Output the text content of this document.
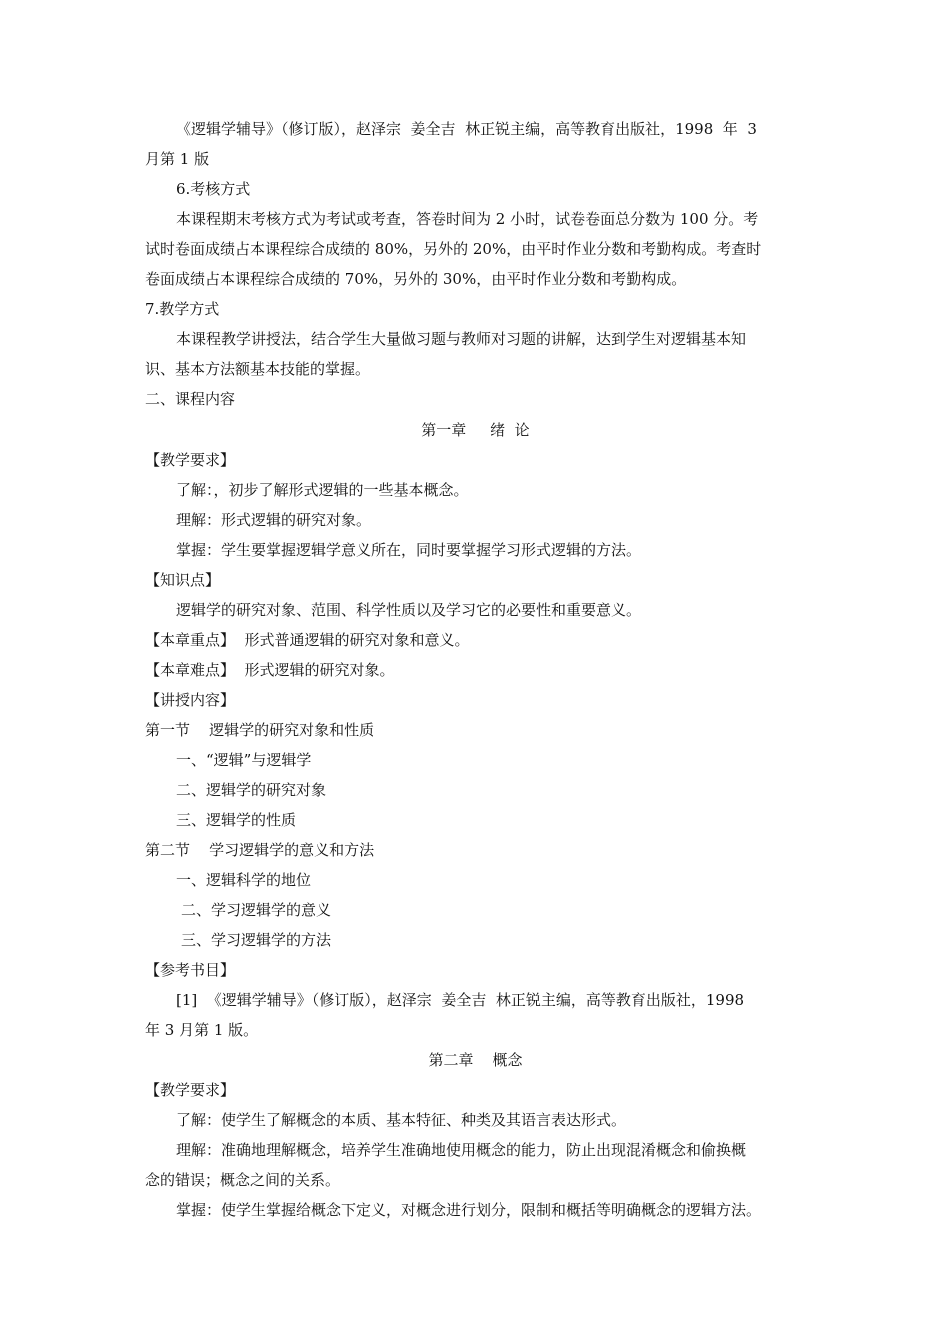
《逻辑学辅导》（修订版），赵泽宗  姜全吉  林正锐主编，高等教育出版社，1998  年  3
月第 1 版
6.考核方式
本课程期末考核方式为考试或考查，答卷时间为 2 小时，试卷卷面总分数为 100 分。考
试时卷面成绩占本课程综合成绩的 80%，另外的 20%，由平时作业分数和考勤构成。考查时
卷面成绩占本课程综合成绩的 70%，另外的 30%，由平时作业分数和考勤构成。
7.教学方式
本课程教学讲授法，结合学生大量做习题与教师对习题的讲解，达到学生对逻辑基本知
识、基本方法额基本技能的掌握。
二、课程内容
第一章     绪  论
【教学要求】
了解：，初步了解形式逻辑的一些基本概念。
理解：形式逻辑的研究对象。
掌握：学生要掌握逻辑学意义所在，同时要掌握学习形式逻辑的方法。
【知识点】
逻辑学的研究对象、范围、科学性质以及学习它的必要性和重要意义。
【本章重点】  形式普通逻辑的研究对象和意义。
【本章难点】  形式逻辑的研究对象。
【讲授内容】
第一节    逻辑学的研究对象和性质
一、“逻辑”与逻辑学
二、逻辑学的研究对象
三、逻辑学的性质
第二节    学习逻辑学的意义和方法
一、逻辑科学的地位
二、学习逻辑学的意义
三、学习逻辑学的方法
【参考书目】
[1]  《逻辑学辅导》（修订版），赵泽宗  姜全吉  林正锐主编，高等教育出版社，1998
年 3 月第 1 版。
第二章    概念
【教学要求】
了解：使学生了解概念的本质、基本特征、种类及其语言表达形式。
理解：准确地理解概念，培养学生准确地使用概念的能力，防止出现混淆概念和偷换概
念的错误；概念之间的关系。
掌握：使学生掌握给概念下定义，对概念进行划分，限制和概括等明确概念的逻辑方法。
